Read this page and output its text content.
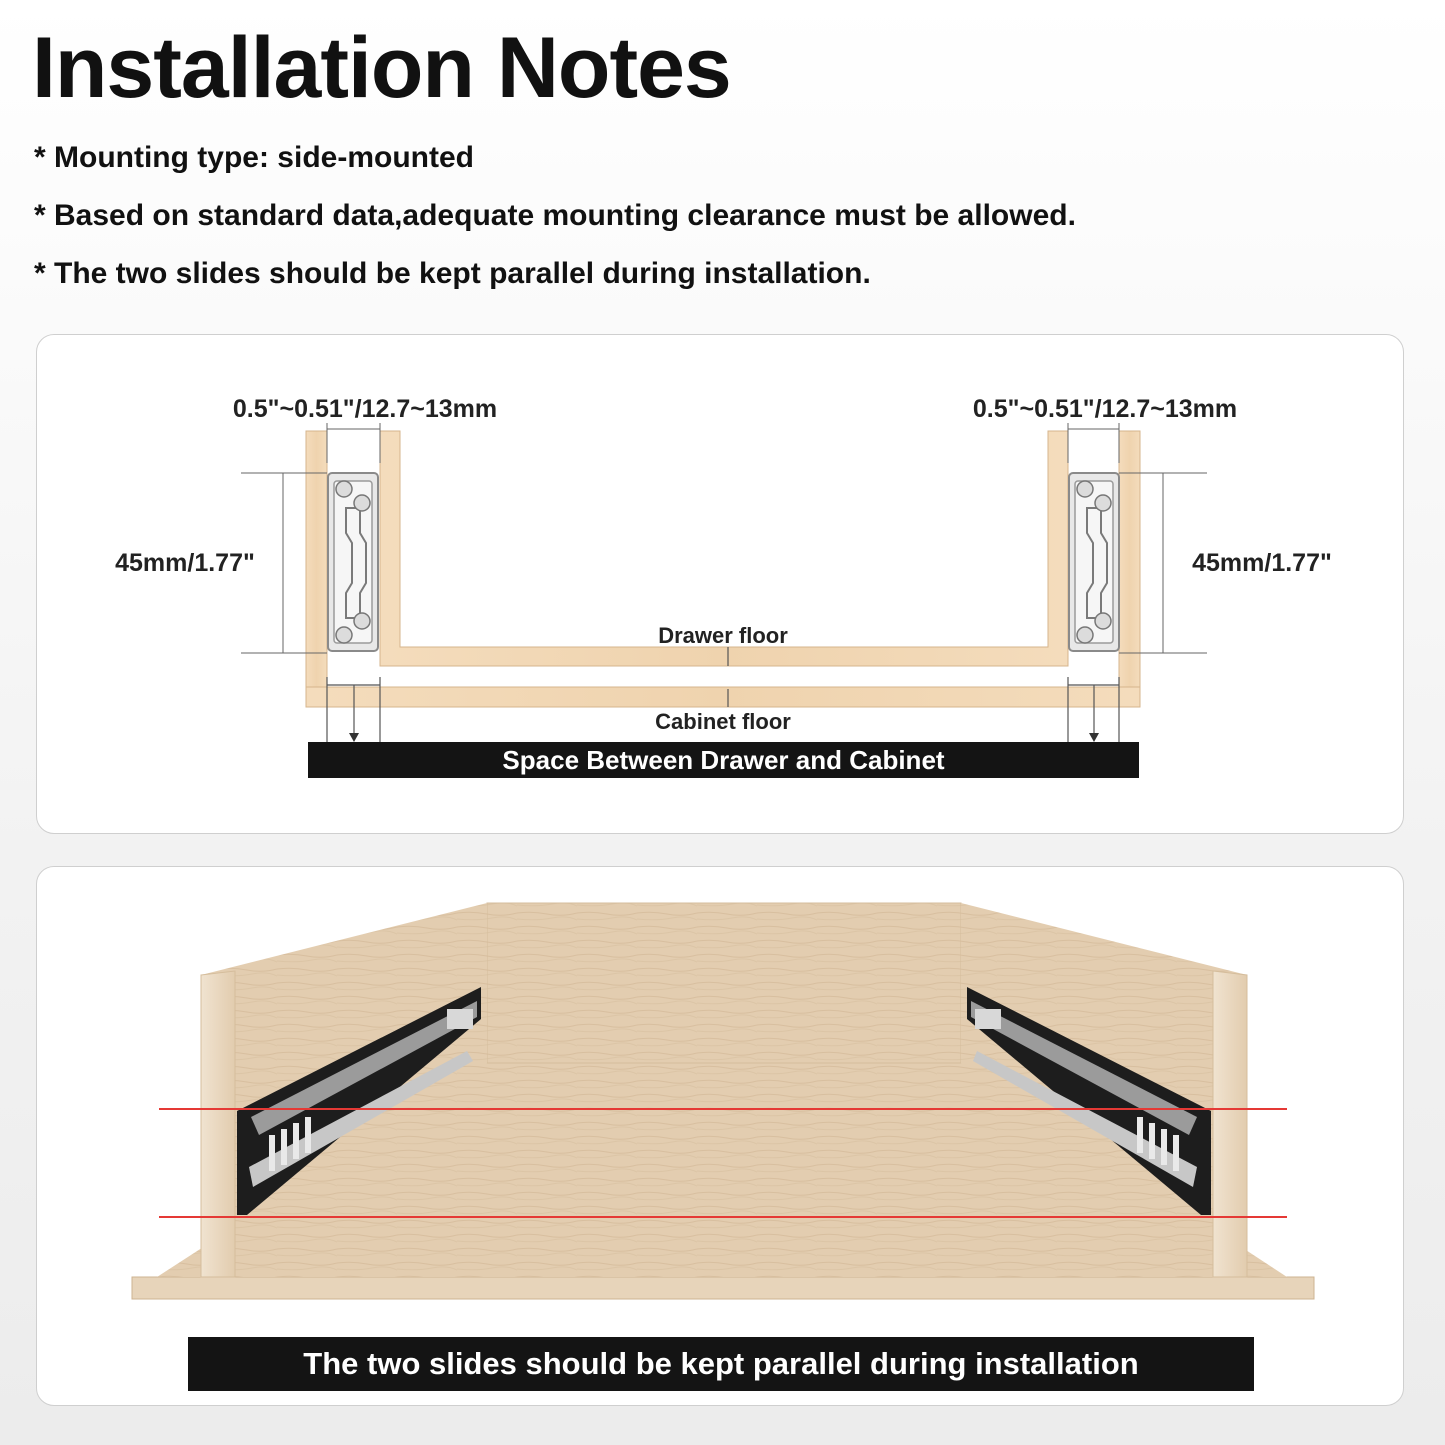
Installation Notes
* Mounting type: side-mounted
* Based on standard data,adequate mounting clearance must be allowed.
* The two slides should be kept parallel during installation.
0.5"~0.51"/12.7~13mm	0.5"~0.51"/12.7~13mm
45mm/1.77"	45mm/1.77"
Drawer floor
Cabinet floor
Space Between Drawer and Cabinet
The two slides should be kept parallel during installation
